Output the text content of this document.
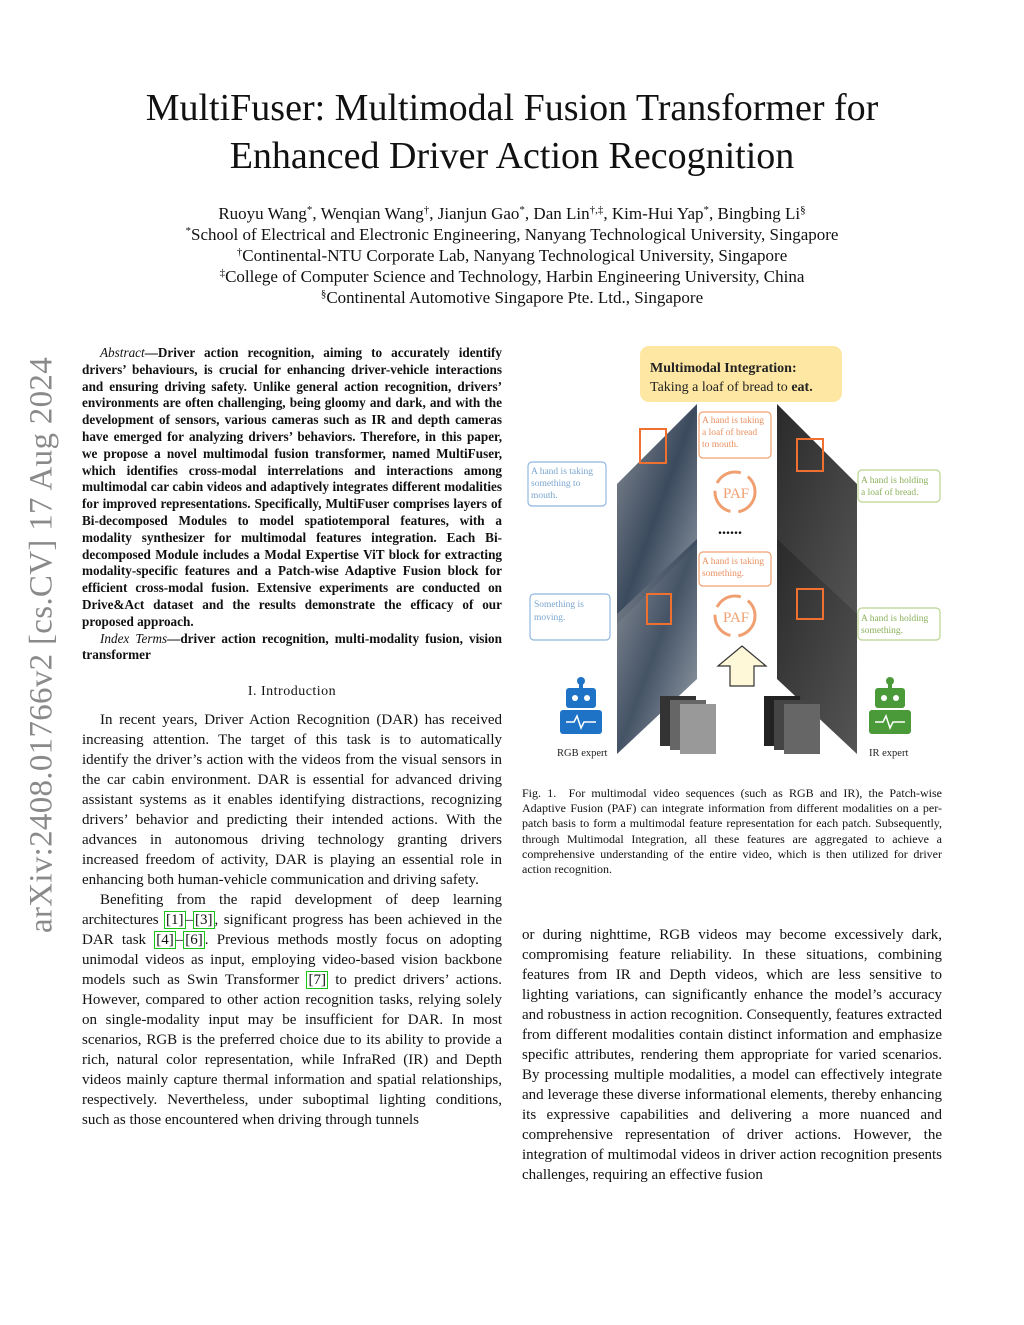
arXiv:2408.01766v2 [cs.CV] 17 Aug 2024
MultiFuser: Multimodal Fusion Transformer for
Enhanced Driver Action Recognition
Ruoyu Wang*, Wenqian Wang†, Jianjun Gao*, Dan Lin†,‡, Kim-Hui Yap*, Bingbing Li§
*School of Electrical and Electronic Engineering, Nanyang Technological University, Singapore
†Continental-NTU Corporate Lab, Nanyang Technological University, Singapore
‡College of Computer Science and Technology, Harbin Engineering University, China
§Continental Automotive Singapore Pte. Ltd., Singapore
Abstract—Driver action recognition, aiming to accurately identify drivers’ behaviours, is crucial for enhancing driver-vehicle interactions and ensuring driving safety. Unlike general action recognition, drivers’ environments are often challenging, being gloomy and dark, and with the development of sensors, various cameras such as IR and depth cameras have emerged for analyzing drivers’ behaviors. Therefore, in this paper, we propose a novel multimodal fusion transformer, named MultiFuser, which identifies cross-modal interrelations and interactions among multimodal car cabin videos and adaptively integrates different modalities for improved representations. Specifically, MultiFuser comprises layers of Bi-decomposed Modules to model spatiotemporal features, with a modality synthesizer for multimodal features integration. Each Bi-decomposed Module includes a Modal Expertise ViT block for extracting modality-specific features and a Patch-wise Adaptive Fusion block for efficient cross-modal fusion. Extensive experiments are conducted on Drive&Act dataset and the results demonstrate the efficacy of our proposed approach.
Index Terms—driver action recognition, multi-modality fusion, vision transformer
I. Introduction

In recent years, Driver Action Recognition (DAR) has received increasing attention. The target of this task is to automatically identify the driver’s action with the videos from the visual sensors in the car cabin environment. DAR is essential for advanced driving assistant systems as it enables identifying distractions, recognizing drivers’ behavior and predicting their intended actions. With the advances in autonomous driving technology granting drivers increased freedom of activity, DAR is playing an essential role in enhancing both human-vehicle communication and driving safety.

Benefiting from the rapid development of deep learning architectures [1] – [3] , significant progress has been achieved in the DAR task [4] – [6] . Previous methods mostly focus on adopting unimodal videos as input, employing video-based vision backbone models such as Swin Transformer [7] to predict drivers’ actions. However, compared to other action recognition tasks, relying solely on single-modality input may be insufficient for DAR. In most scenarios, RGB is the preferred choice due to its ability to provide a rich, natural color representation, while InfraRed (IR) and Depth videos mainly capture thermal information and spatial relationships, respectively. Nevertheless, under suboptimal lighting conditions, such as those encountered when driving through tunnels

Multimodal Integration:
Taking a loaf of bread to eat.
A hand is taking a loaf of bread to mouth.
PAF
A hand is taking something to mouth.
A hand is holding a loaf of bread.
......
A hand is taking something.
PAF
Something is moving.	A hand is holding something.
RGB expert	IR expert
Fig. 1. For multimodal video sequences (such as RGB and IR), the Patch-wise Adaptive Fusion (PAF) can integrate information from different modalities on a per-patch basis to form a multimodal feature representation for each patch. Subsequently, through Multimodal Integration, all these features are aggregated to achieve a comprehensive understanding of the entire video, which is then utilized for driver action recognition.

or during nighttime, RGB videos may become excessively dark, compromising feature reliability. In these situations, combining features from IR and Depth videos, which are less sensitive to lighting variations, can significantly enhance the model’s accuracy and robustness in action recognition. Consequently, features extracted from different modalities contain distinct information and emphasize specific attributes, rendering them appropriate for varied scenarios. By processing multiple modalities, a model can effectively integrate and leverage these diverse informational elements, thereby enhancing its expressive capabilities and delivering a more nuanced and comprehensive representation of driver actions. However, the integration of multimodal videos in driver action recognition presents challenges, requiring an effective fusion
